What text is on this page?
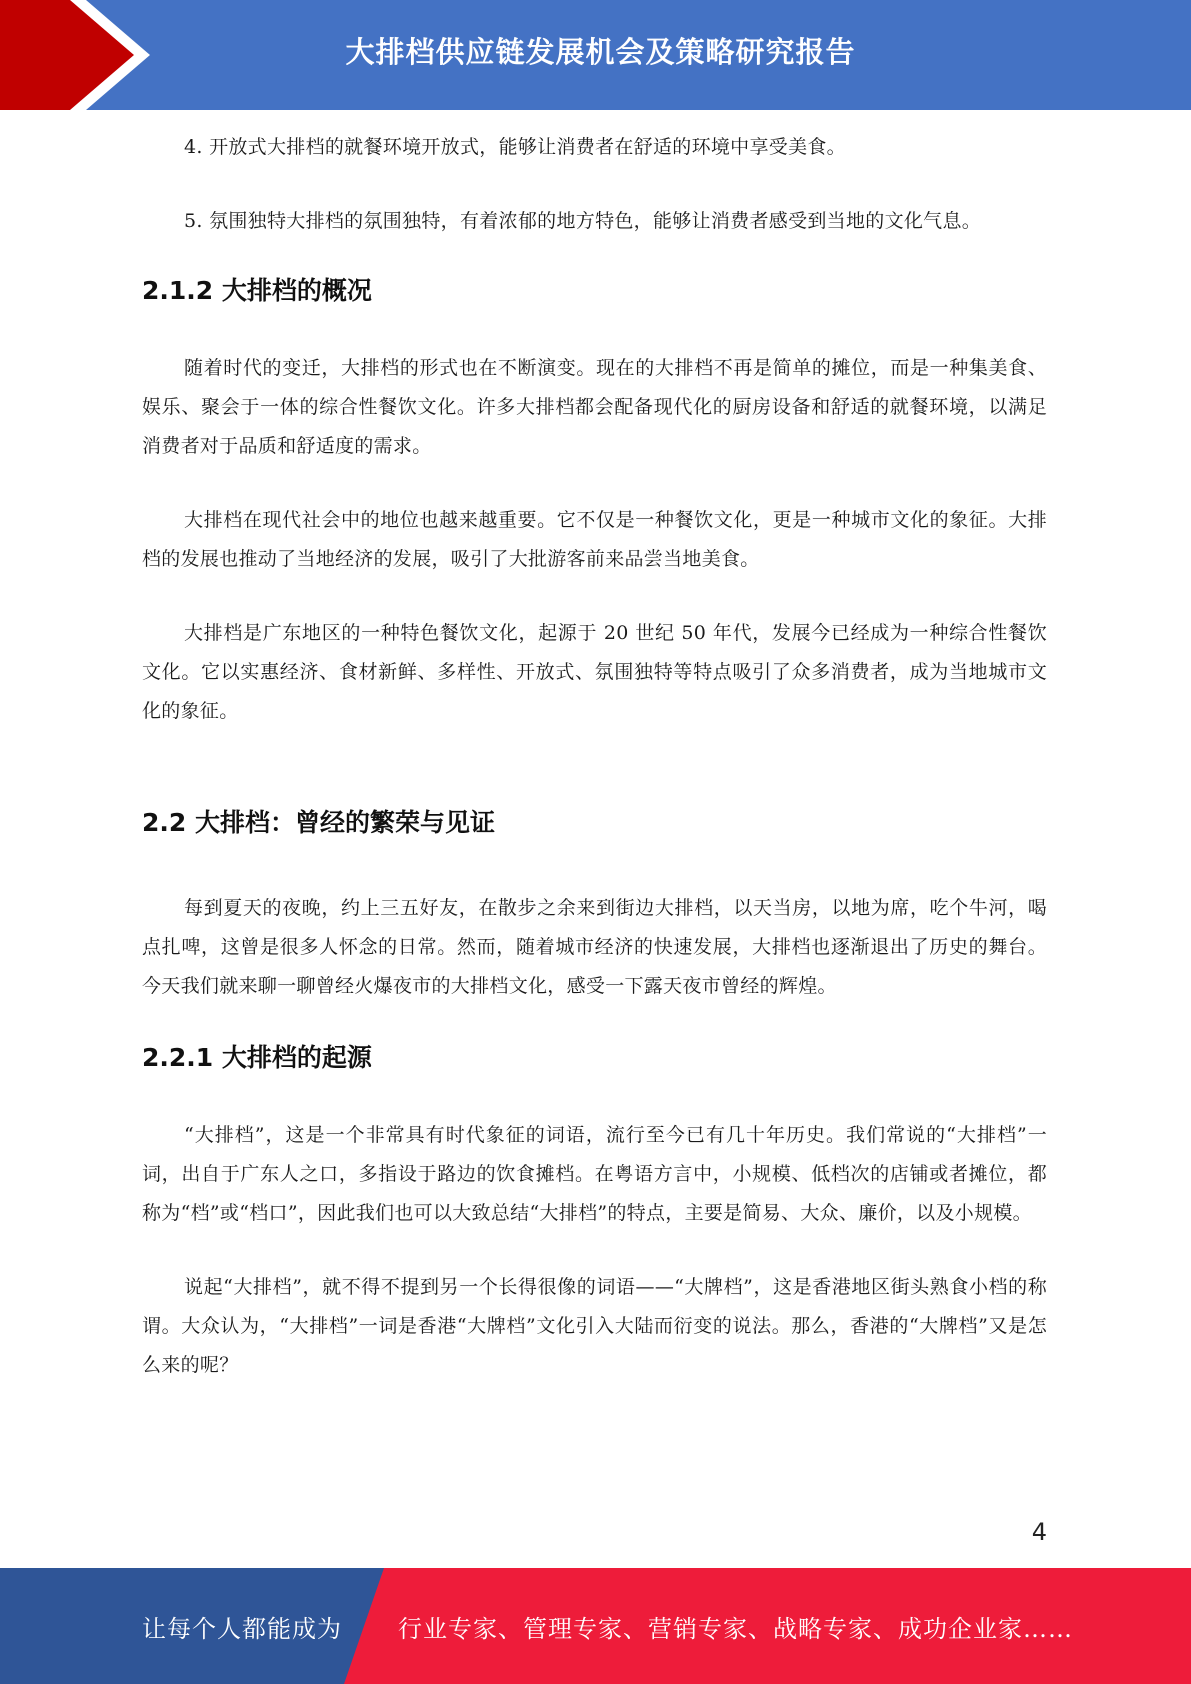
大排档供应链发展机会及策略研究报告

4. 开放式大排档的就餐环境开放式，能够让消费者在舒适的环境中享受美食。

5. 氛围独特大排档的氛围独特，有着浓郁的地方特色，能够让消费者感受到当地的文化气息。

2.1.2 大排档的概况

随着时代的变迁，大排档的形式也在不断演变。现在的大排档不再是简单的摊位，而是一种集美食、娱乐、聚会于一体的综合性餐饮文化。许多大排档都会配备现代化的厨房设备和舒适的就餐环境，以满足消费者对于品质和舒适度的需求。

大排档在现代社会中的地位也越来越重要。它不仅是一种餐饮文化，更是一种城市文化的象征。大排档的发展也推动了当地经济的发展，吸引了大批游客前来品尝当地美食。

大排档是广东地区的一种特色餐饮文化，起源于 20 世纪 50 年代，发展今已经成为一种综合性餐饮文化。它以实惠经济、食材新鲜、多样性、开放式、氛围独特等特点吸引了众多消费者，成为当地城市文化的象征。

2.2 大排档：曾经的繁荣与见证

每到夏天的夜晚，约上三五好友，在散步之余来到街边大排档，以天当房，以地为席，吃个牛河，喝点扎啤，这曾是很多人怀念的日常。然而，随着城市经济的快速发展，大排档也逐渐退出了历史的舞台。今天我们就来聊一聊曾经火爆夜市的大排档文化，感受一下露天夜市曾经的辉煌。

2.2.1 大排档的起源

“大排档”，这是一个非常具有时代象征的词语，流行至今已有几十年历史。我们常说的“大排档”一词，出自于广东人之口，多指设于路边的饮食摊档。在粤语方言中，小规模、低档次的店铺或者摊位，都称为“档”或“档口”，因此我们也可以大致总结“大排档”的特点，主要是简易、大众、廉价，以及小规模。

说起“大排档”，就不得不提到另一个长得很像的词语——“大牌档”，这是香港地区街头熟食小档的称谓。大众认为，“大排档”一词是香港“大牌档”文化引入大陆而衍变的说法。那么，香港的“大牌档”又是怎么来的呢？

4
让每个人都能成为 行业专家、管理专家、营销专家、战略专家、成功企业家……
